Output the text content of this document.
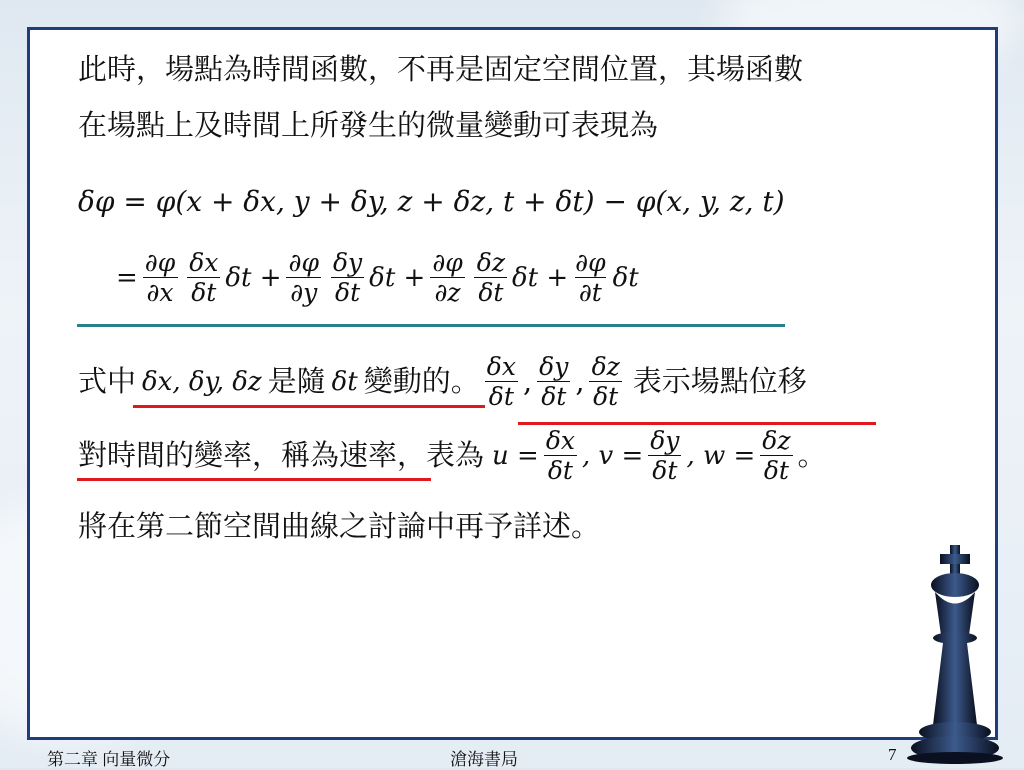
此時，場點為時間函數，不再是固定空間位置，其場函數
在場點上及時間上所發生的微量變動可表現為
δφ = φ(x + δx, y + δy, z + δz, t + δt) − φ(x, y, z, t)
= $\frac{\partial\varphi}{\partial x} \frac{\delta x}{\delta t}$ $\delta t + \frac{\partial\varphi}{\partial y} \frac{\delta y}{\delta t}$ $\delta t + \frac{\partial\varphi}{\partial z} \frac{\delta z}{\delta t}$ $\delta t + \frac{\partial\varphi}{\partial t}$ δt
式中 δx, δy, δz 是隨 δt 變動的。 $\frac{\delta x}{\delta t}$ , $\frac{\delta y}{\delta t}$ , $\frac{\delta z}{\delta t}$ 表示場點位移
對時間的變率，稱為速率，表為 $u = \frac{\delta x}{\delta t}$ , $v = \frac{\delta y}{\delta t}$ , $w = \frac{\delta z}{\delta t}$ 。
將在第二節空間曲線之討論中再予詳述。
第二章 向量微分	滄海書局	7
